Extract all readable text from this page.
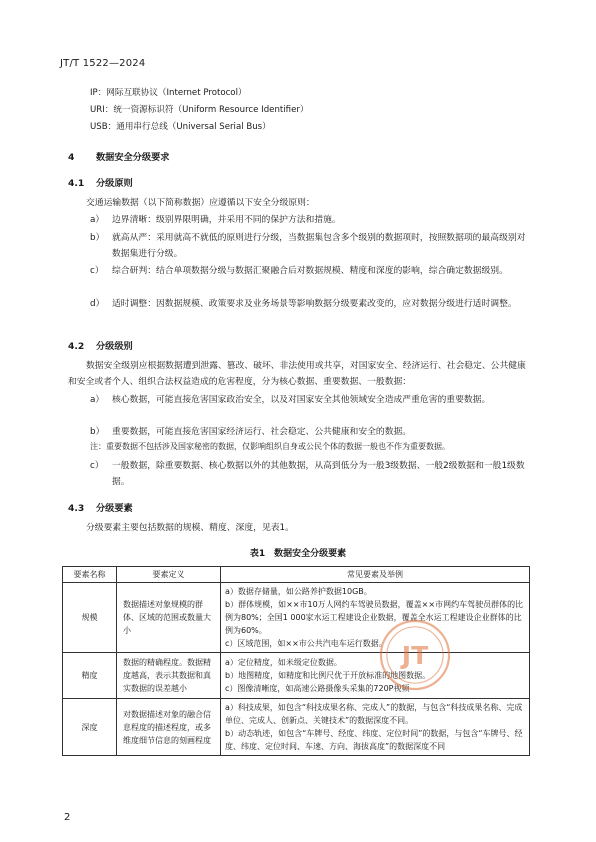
JT/T 1522—2024
IP：网际互联协议（Internet Protocol）
URI：统一资源标识符（Uniform Resource Identifier）
USB：通用串行总线（Universal Serial Bus）
4 数据安全分级要求
4.1 分级原则
交通运输数据（以下简称数据）应遵循以下安全分级原则：
a） 边界清晰：级别界限明确，并采用不同的保护方法和措施。
b） 就高从严：采用就高不就低的原则进行分级，当数据集包含多个级别的数据项时，按照数据项的最高级别对数据集进行分级。
c） 综合研判：结合单项数据分级与数据汇聚融合后对数据规模、精度和深度的影响，综合确定数据级别。
d） 适时调整：因数据规模、政策要求及业务场景等影响数据分级要素改变的，应对数据分级进行适时调整。
4.2 分级级别
数据安全级别应根据数据遭到泄露、篡改、破坏、非法使用或共享，对国家安全、经济运行、社会稳定、公共健康和安全或者个人、组织合法权益造成的危害程度，分为核心数据、重要数据、一般数据：
a） 核心数据，可能直接危害国家政治安全，以及对国家安全其他领域安全造成严重危害的重要数据。
b） 重要数据，可能直接危害国家经济运行、社会稳定、公共健康和安全的数据。
注：重要数据不包括涉及国家秘密的数据，仅影响组织自身或公民个体的数据一般也不作为重要数据。
c） 一般数据，除重要数据、核心数据以外的其他数据，从高到低分为一般3级数据、一般2级数据和一般1级数据。
4.3 分级要素
分级要素主要包括数据的规模、精度、深度，见表1。
表1　数据安全分级要素
要素名称	要素定义	常见要素及举例
规模	数据描述对象规模的群体、区域的范围或数量大小	a）数据存储量，如公路养护数据10GB。

b）群体规模，如××市10万人网约车驾驶员数据，覆盖××市网约车驾驶员群体的比例为80%；全国1 000家水运工程建设企业数据，覆盖全水运工程建设企业群体的比例为60%。

c）区域范围，如××市公共汽电车运行数据。

精度	数据的精确程度。数据精度越高，表示其数据和真实数据的误差越小	a）定位精度，如米级定位数据。

b）地图精度，如精度和比例尺优于开放标准的地图数据。

c）图像清晰度，如高速公路摄像头采集的720P视频

深度	对数据描述对象的融合信息程度的描述程度，或多维度细节信息的刻画程度	a）科技成果，如包含“科技成果名称、完成人”的数据，与包含“科技成果名称、完成单位、完成人、创新点、关键技术”的数据深度不同。

b）动态轨迹，如包含“车牌号、经度、纬度、定位时间”的数据，与包含“车牌号、经度、纬度、定位时间、车速、方向、海拔高度”的数据深度不同

JT
2
